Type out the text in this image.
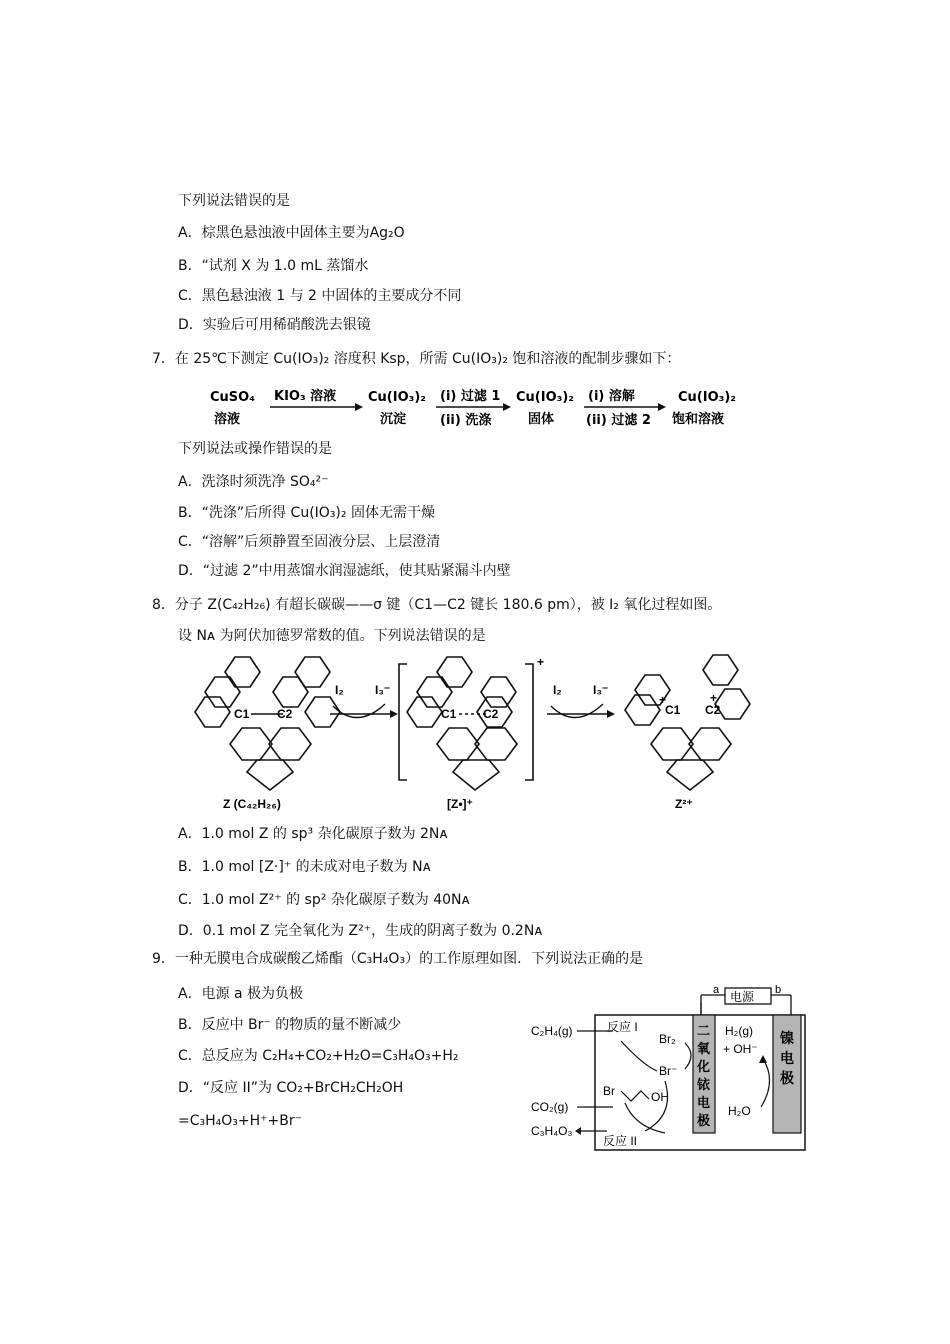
下列说法错误的是
A．棕黑色悬浊液中固体主要为Ag₂O
B．“试剂 X 为 1.0 mL 蒸馏水
C．黑色悬浊液 1 与 2 中固体的主要成分不同
D．实验后可用稀硝酸洗去银镜
7．在 25℃下测定 Cu(IO₃)₂ 溶度积 Ksp，所需 Cu(IO₃)₂ 饱和溶液的配制步骤如下：
CuSO₄
溶液
KIO₃ 溶液 Cu(IO₃)₂
沉淀
(i) 过滤 1
(ii) 洗涤
Cu(IO₃)₂
固体
(i) 溶解
(ii) 过滤 2
Cu(IO₃)₂
饱和溶液
下列说法或操作错误的是
A．洗涤时须洗净 SO₄²⁻
B．“洗涤”后所得 Cu(IO₃)₂ 固体无需干燥
C．“溶解”后须静置至固液分层、上层澄清
D．“过滤 2”中用蒸馏水润湿滤纸，使其贴紧漏斗内壁
8．分子 Z(C₄₂H₂₆) 有超长碳碳——σ 键（C1—C2 键长 180.6 pm），被 I₂ 氧化过程如图。
设 Nᴀ 为阿伏加德罗常数的值。下列说法错误的是
C1 C2
Z (C₄₂H₂₆)
I₂	I₃⁻
+
C1 C2
[Z•]⁺
I₂	I₃⁻
C1 C2
+	+
Z²⁺
A．1.0 mol Z 的 sp³ 杂化碳原子数为 2Nᴀ
B．1.0 mol [Z·]⁺ 的未成对电子数为 Nᴀ
C．1.0 mol Z²⁺ 的 sp² 杂化碳原子数为 40Nᴀ
D．0.1 mol Z 完全氧化为 Z²⁺，生成的阴离子数为 0.2Nᴀ
9．一种无膜电合成碳酸乙烯酯（C₃H₄O₃）的工作原理如图．下列说法正确的是
A．电源 a 极为负极
B．反应中 Br⁻ 的物质的量不断减少
C．总反应为 C₂H₄+CO₂+H₂O=C₃H₄O₃+H₂
D．“反应 II”为 CO₂+BrCH₂CH₂OH
=C₃H₄O₃+H⁺+Br⁻
电源
a	b
二
氧
化
铱
电
极
镍
电
极
C₂H₄(g)	反应 I
Br₂
Br⁻
Br	OH
CO₂(g)
C₃H₄O₃
反应 II
H₂(g)
+ OH⁻
H₂O
